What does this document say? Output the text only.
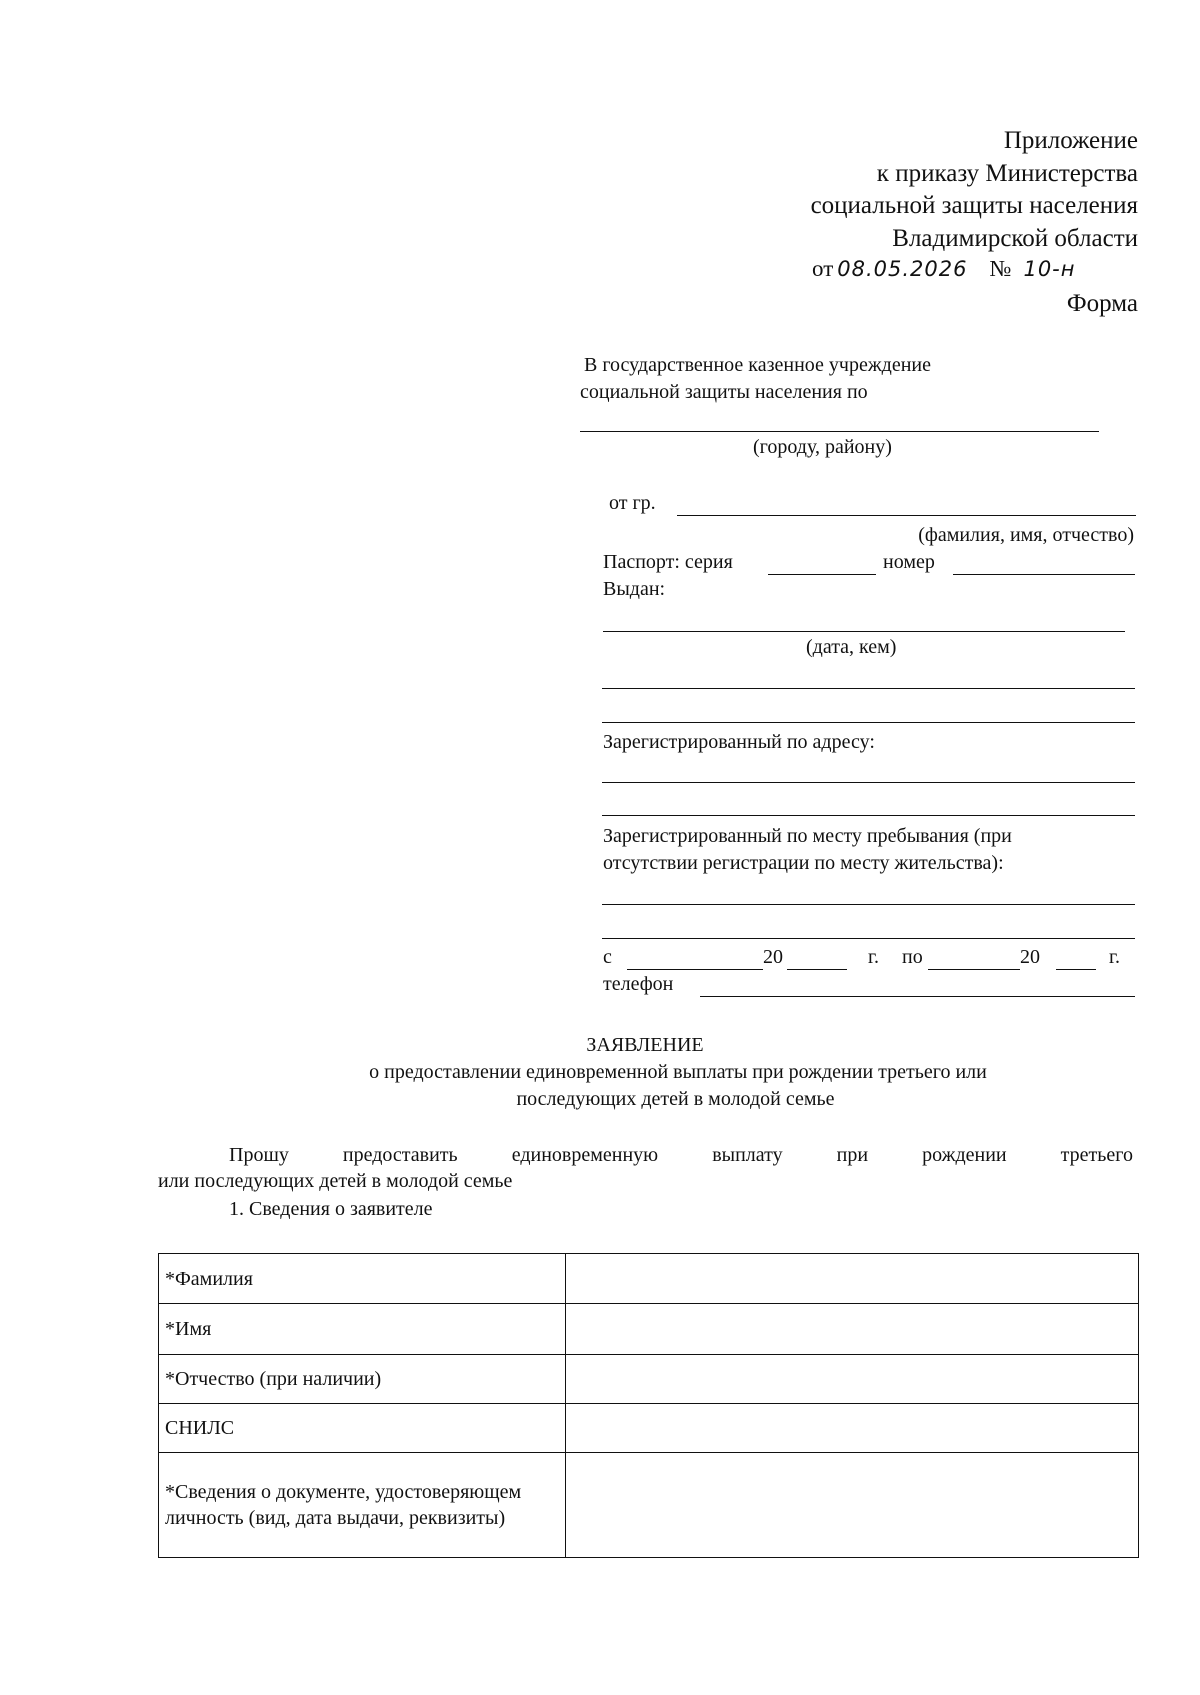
Приложение
к приказу Министерства
социальной защиты населения
Владимирской области
от 08.05.2026 № 10-н
Форма
В государственное казенное учреждение
социальной защиты населения по
(городу, району)
от гр.
(фамилия, имя, отчество)
Паспорт: серия	номер
Выдан:
(дата, кем)
Зарегистрированный по адресу:
Зарегистрированный по месту пребывания (при
отсутствии регистрации по месту жительства):
с	20	г. по	20	г.
телефон
ЗАЯВЛЕНИЕ
о предоставлении единовременной выплаты при рождении третьего или
последующих детей в молодой семье
Прошу	предоставить	единовременную	выплату	при	рождении	третьего
или последующих детей в молодой семье
1. Сведения о заявителе
*Фамилия	
*Имя	
*Отчество (при наличии)	
СНИЛС	
*Сведения о документе, удостоверяющем личность (вид, дата выдачи, реквизиты)	
